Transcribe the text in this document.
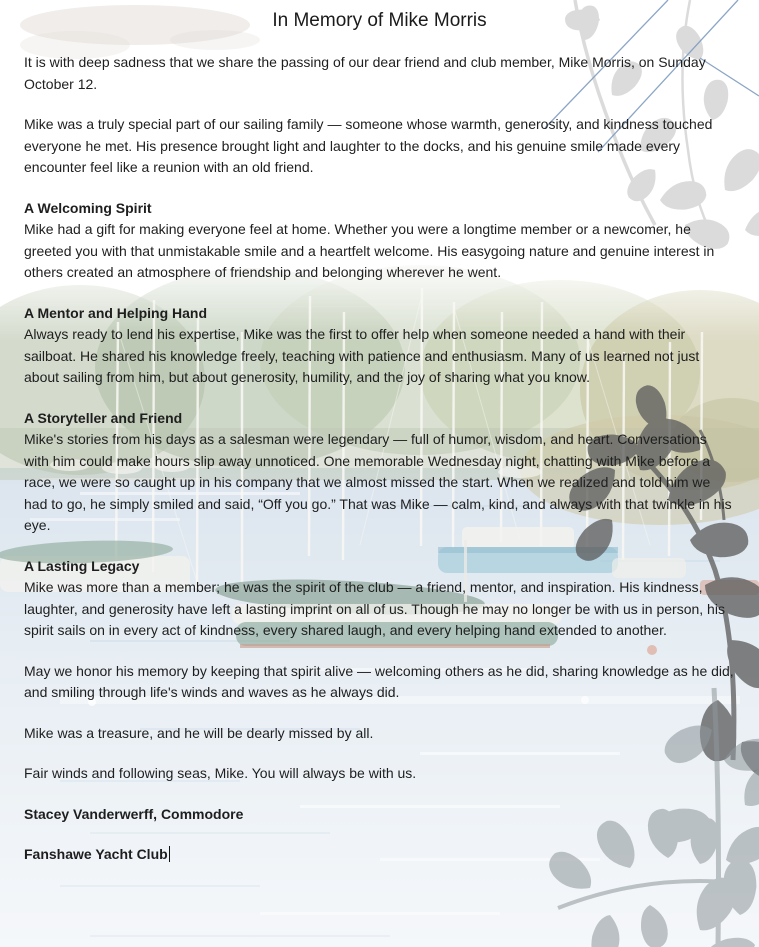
In Memory of Mike Morris

It is with deep sadness that we share the passing of our dear friend and club member, Mike Morris, on Sunday October 12.

Mike was a truly special part of our sailing family — someone whose warmth, generosity, and kindness touched everyone he met. His presence brought light and laughter to the docks, and his genuine smile made every encounter feel like a reunion with an old friend.

A Welcoming Spirit

Mike had a gift for making everyone feel at home. Whether you were a longtime member or a newcomer, he greeted you with that unmistakable smile and a heartfelt welcome. His easygoing nature and genuine interest in others created an atmosphere of friendship and belonging wherever he went.

A Mentor and Helping Hand

Always ready to lend his expertise, Mike was the first to offer help when someone needed a hand with their sailboat. He shared his knowledge freely, teaching with patience and enthusiasm. Many of us learned not just about sailing from him, but about generosity, humility, and the joy of sharing what you know.

A Storyteller and Friend

Mike's stories from his days as a salesman were legendary — full of humor, wisdom, and heart. Conversations with him could make hours slip away unnoticed. One memorable Wednesday night, chatting with Mike before a race, we were so caught up in his company that we almost missed the start. When we realized and told him we had to go, he simply smiled and said, “Off you go.” That was Mike — calm, kind, and always with that twinkle in his eye.

A Lasting Legacy

Mike was more than a member; he was the spirit of the club — a friend, mentor, and inspiration. His kindness, laughter, and generosity have left a lasting imprint on all of us. Though he may no longer be with us in person, his spirit sails on in every act of kindness, every shared laugh, and every helping hand extended to another.

May we honor his memory by keeping that spirit alive — welcoming others as he did, sharing knowledge as he did, and smiling through life's winds and waves as he always did.

Mike was a treasure, and he will be dearly missed by all.

Fair winds and following seas, Mike. You will always be with us.

Stacey Vanderwerff, Commodore

Fanshawe Yacht Club
